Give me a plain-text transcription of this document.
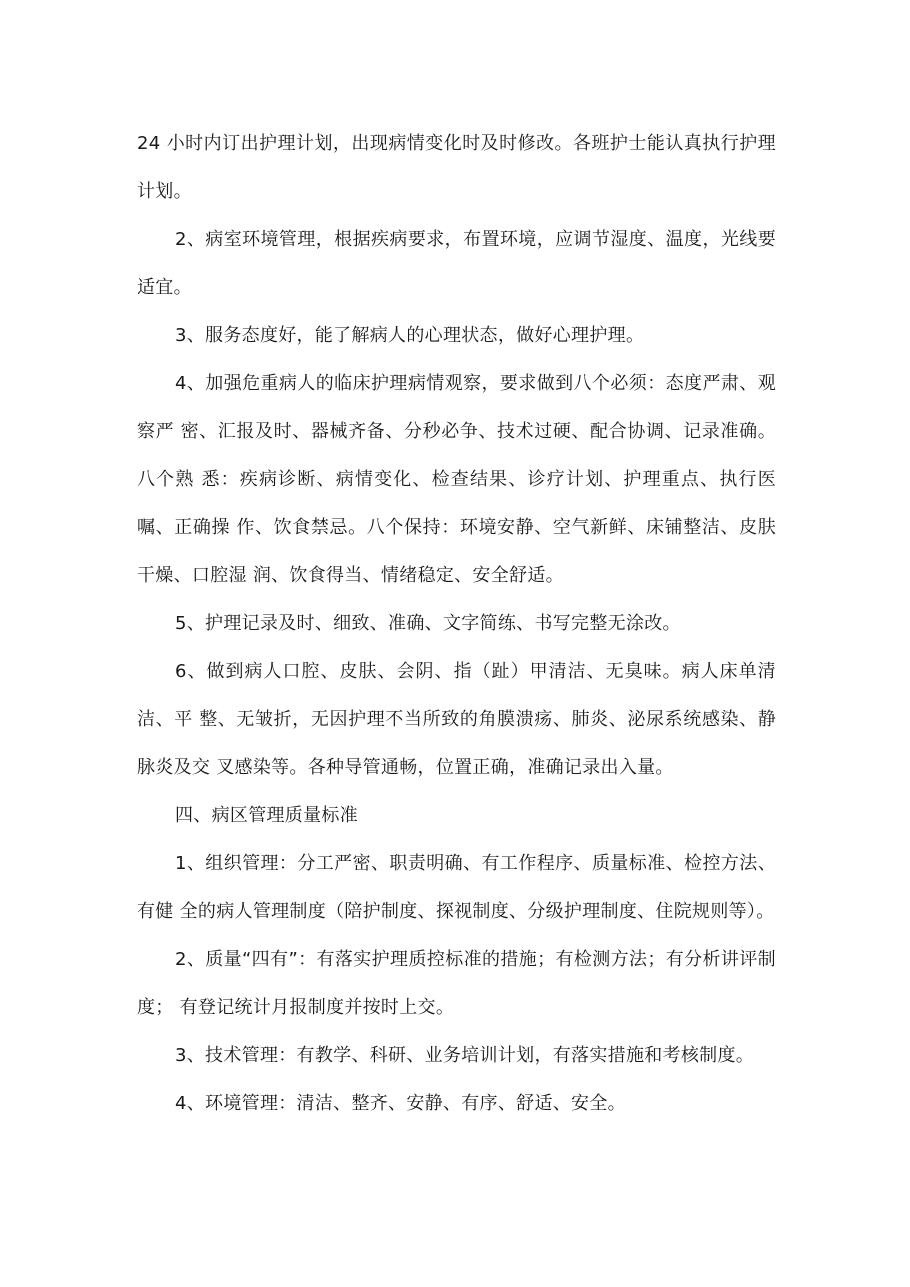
24 小时内订出护理计划，出现病情变化时及时修改。各班护士能认真执行护理计划。

2、病室环境管理，根据疾病要求，布置环境，应调节湿度、温度，光线要适宜。

3、服务态度好，能了解病人的心理状态，做好心理护理。

4、加强危重病人的临床护理病情观察，要求做到八个必须：态度严肃、观察严 密、汇报及时、器械齐备、分秒必争、技术过硬、配合协调、记录准确。八个熟 悉：疾病诊断、病情变化、检查结果、诊疗计划、护理重点、执行医嘱、正确操 作、饮食禁忌。八个保持：环境安静、空气新鲜、床铺整洁、皮肤干燥、口腔湿 润、饮食得当、情绪稳定、安全舒适。

5、护理记录及时、细致、准确、文字简练、书写完整无涂改。

6、做到病人口腔、皮肤、会阴、指（趾）甲清洁、无臭味。病人床单清洁、平 整、无皱折，无因护理不当所致的角膜溃疡、肺炎、泌尿系统感染、静脉炎及交 叉感染等。各种导管通畅，位置正确，准确记录出入量。

四、病区管理质量标准

1、组织管理：分工严密、职责明确、有工作程序、质量标准、检控方法、有健 全的病人管理制度（陪护制度、探视制度、分级护理制度、住院规则等）。

2、质量“四有”：有落实护理质控标准的措施；有检测方法；有分析讲评制度； 有登记统计月报制度并按时上交。

3、技术管理：有教学、科研、业务培训计划，有落实措施和考核制度。

4、环境管理：清洁、整齐、安静、有序、舒适、安全。
